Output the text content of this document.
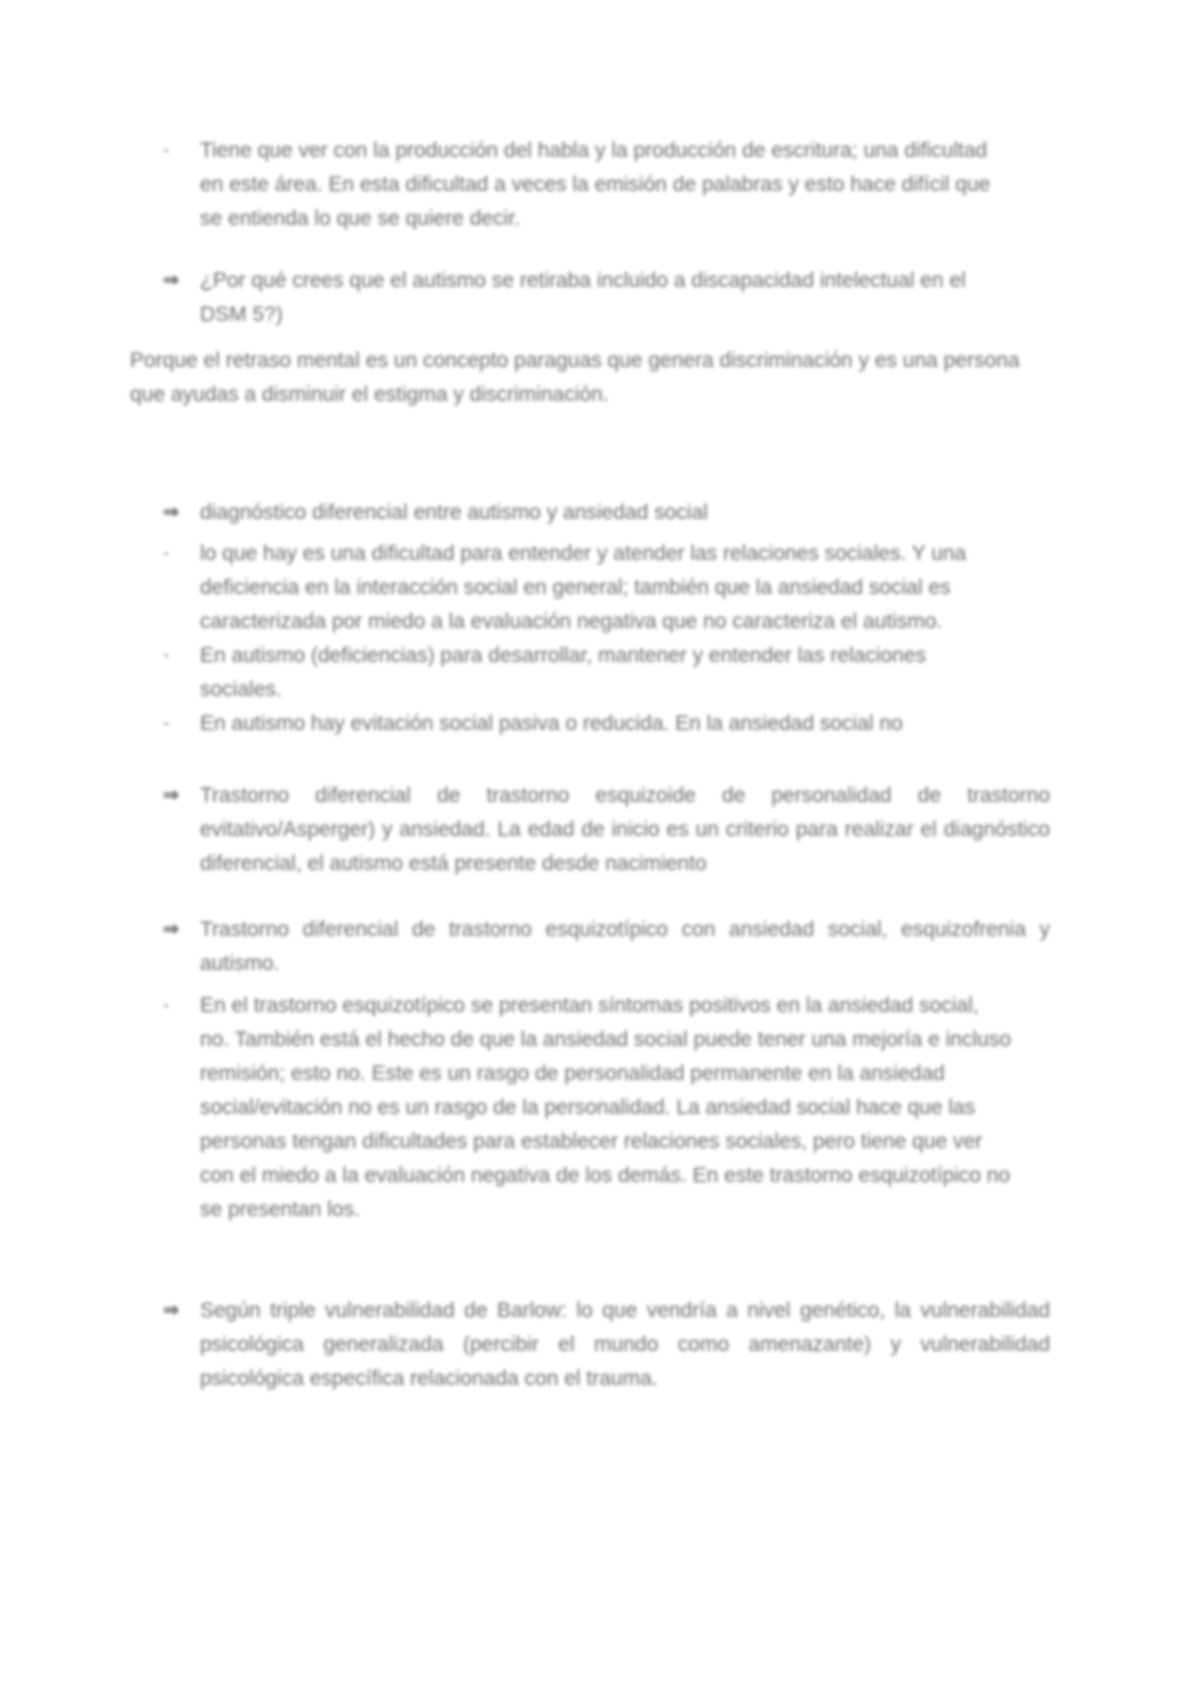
-	Tiene que ver con la producción del habla y la producción de escritura; una dificultad en este área. En esta dificultad a veces la emisión de palabras y esto hace difícil que se entienda lo que se quiere decir.
⇒	¿Por qué crees que el autismo se retiraba incluido a discapacidad intelectual en el DSM 5?)
Porque el retraso mental es un concepto paraguas que genera discriminación y es una persona que ayudas a disminuir el estigma y discriminación.
⇒	diagnóstico diferencial entre autismo y ansiedad social
-	lo que hay es una dificultad para entender y atender las relaciones sociales. Y una deficiencia en la interacción social en general; también que la ansiedad social es caracterizada por miedo a la evaluación negativa que no caracteriza el autismo.
-	En autismo (deficiencias) para desarrollar, mantener y entender las relaciones sociales.
-	En autismo hay evitación social pasiva o reducida. En la ansiedad social no
⇒	Trastorno diferencial de trastorno esquizoide de personalidad de trastorno evitativo/Asperger) y ansiedad. La edad de inicio es un criterio para realizar el diagnóstico diferencial, el autismo está presente desde nacimiento
⇒	Trastorno diferencial de trastorno esquizotípico con ansiedad social, esquizofrenia y autismo.
-	En el trastorno esquizotípico se presentan síntomas positivos en la ansiedad social, no. También está el hecho de que la ansiedad social puede tener una mejoría e incluso remisión; esto no. Este es un rasgo de personalidad permanente en la ansiedad social/evitación no es un rasgo de la personalidad. La ansiedad social hace que las personas tengan dificultades para establecer relaciones sociales, pero tiene que ver con el miedo a la evaluación negativa de los demás. En este trastorno esquizotípico no se presentan los.
⇒	Según triple vulnerabilidad de Barlow: lo que vendría a nivel genético, la vulnerabilidad psicológica generalizada (percibir el mundo como amenazante) y vulnerabilidad psicológica específica relacionada con el trauma.
